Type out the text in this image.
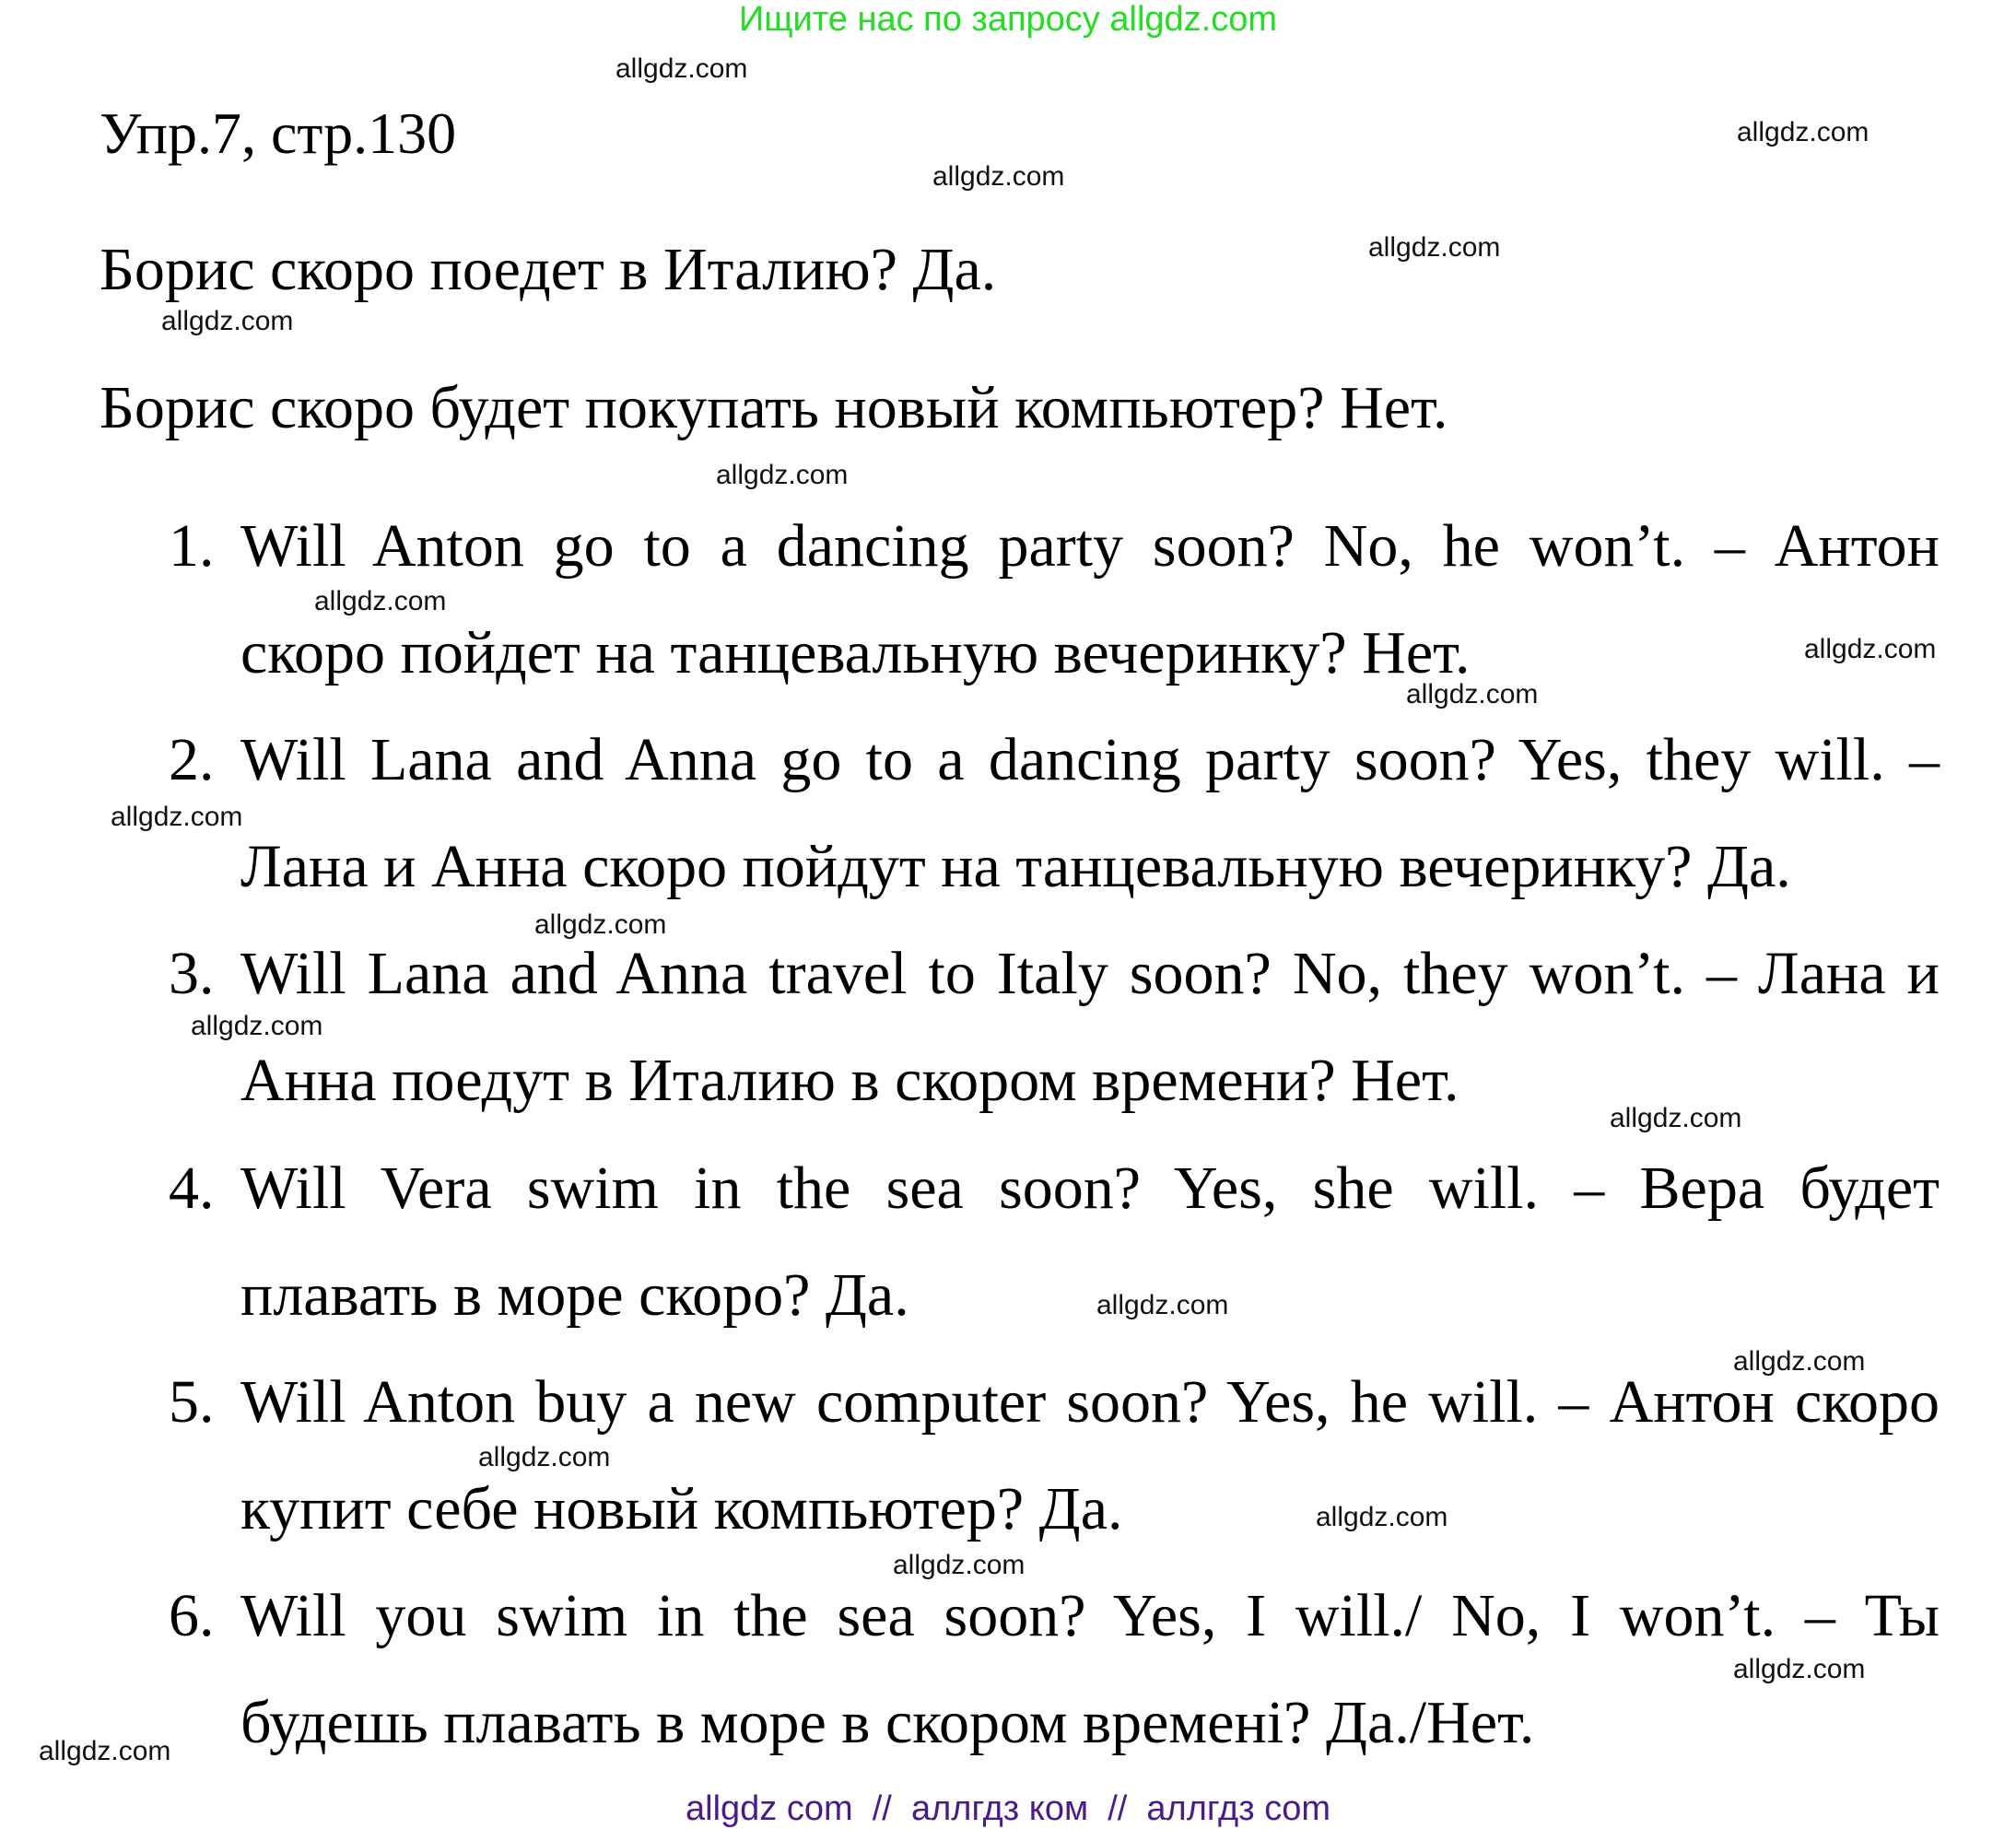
Ищите нас по запросу allgdz.com
Упр.7, стр.130
Борис скоро поедет в Италию? Да.
Борис скоро будет покупать новый компьютер? Нет.
1. Will Anton go to a dancing party soon? No, he won’t. – Антон
скоро пойдет на танцевальную вечеринку? Нет.
2. Will Lana and Anna go to a dancing party soon? Yes, they will. –
Лана и Анна скоро пойдут на танцевальную вечеринку? Да.
3. Will Lana and Anna travel to Italy soon? No, they won’t. – Лана и
Анна поедут в Италию в скором времени? Нет.
4. Will Vera swim in the sea soon? Yes, she will. – Вера будет
плавать в море скоро? Да.
5. Will Anton buy a new computer soon? Yes, he will. – Антон скоро
купит себе новый компьютер? Да.
6. Will you swim in the sea soon? Yes, I will./ No, I won’t. – Ты
будешь плавать в море в скором времені? Да./Нет.
allgdz.com
allgdz.com
allgdz.com
allgdz.com
allgdz.com
allgdz.com
allgdz.com
allgdz.com
allgdz.com
allgdz.com
allgdz.com
allgdz.com
allgdz.com
allgdz.com
allgdz.com
allgdz.com
allgdz.com
allgdz.com
allgdz.com
allgdz.com
allgdz com  //  аллгдз ком  //  аллгдз com
